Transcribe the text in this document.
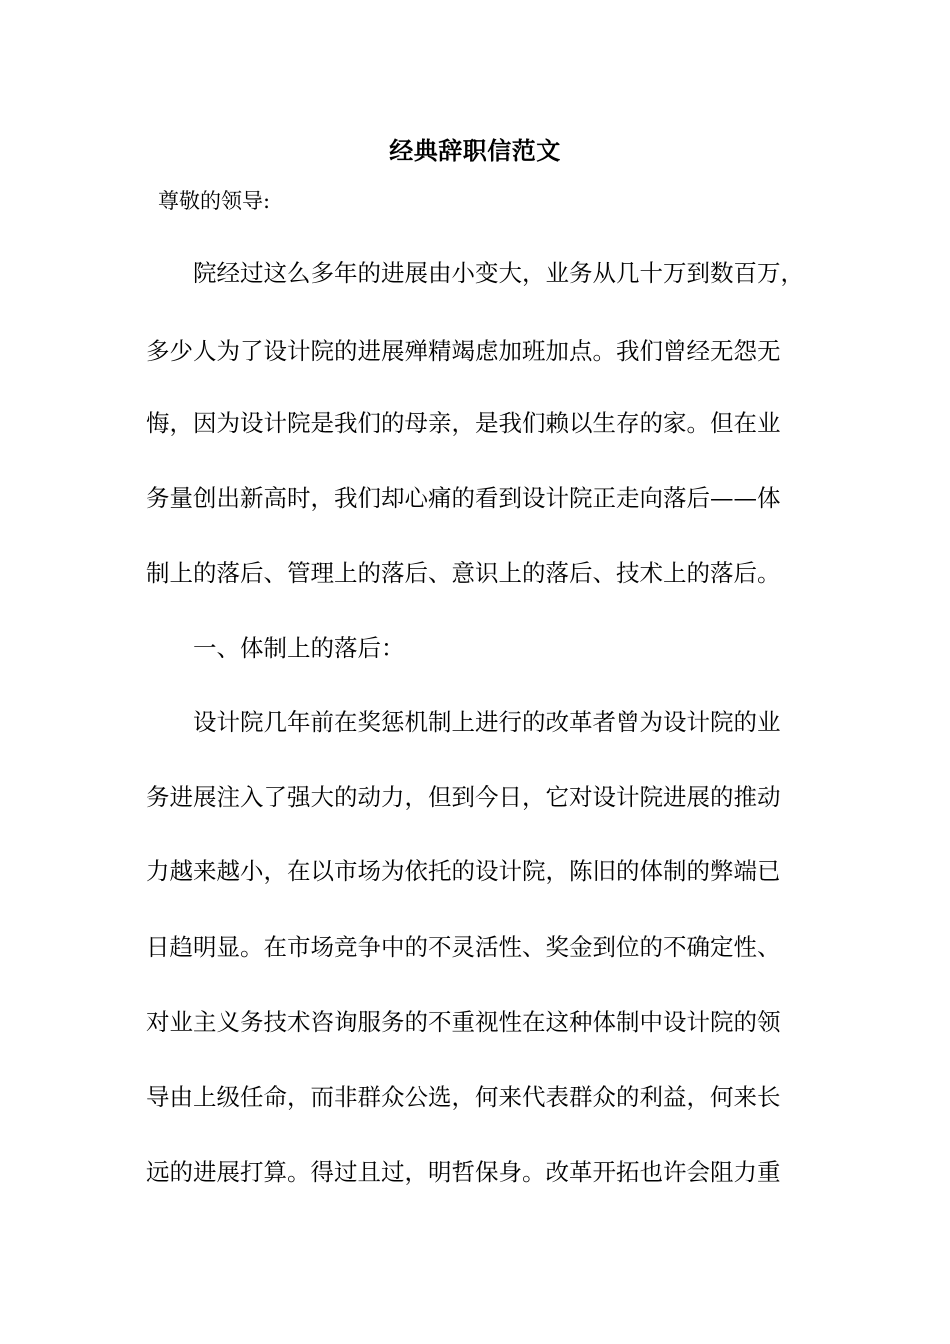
经典辞职信范文
尊敬的领导:
院经过这么多年的进展由小变大，业务从几十万到数百万，
多少人为了设计院的进展殚精竭虑加班加点。我们曾经无怨无
悔，因为设计院是我们的母亲，是我们赖以生存的家。但在业
务量创出新高时，我们却心痛的看到设计院正走向落后——体
制上的落后、管理上的落后、意识上的落后、技术上的落后。
一、体制上的落后：
设计院几年前在奖惩机制上进行的改革者曾为设计院的业
务进展注入了强大的动力，但到今日，它对设计院进展的推动
力越来越小，在以市场为依托的设计院，陈旧的体制的弊端已
日趋明显。在市场竞争中的不灵活性、奖金到位的不确定性、
对业主义务技术咨询服务的不重视性在这种体制中设计院的领
导由上级任命，而非群众公选，何来代表群众的利益，何来长
远的进展打算。得过且过，明哲保身。改革开拓也许会阻力重
